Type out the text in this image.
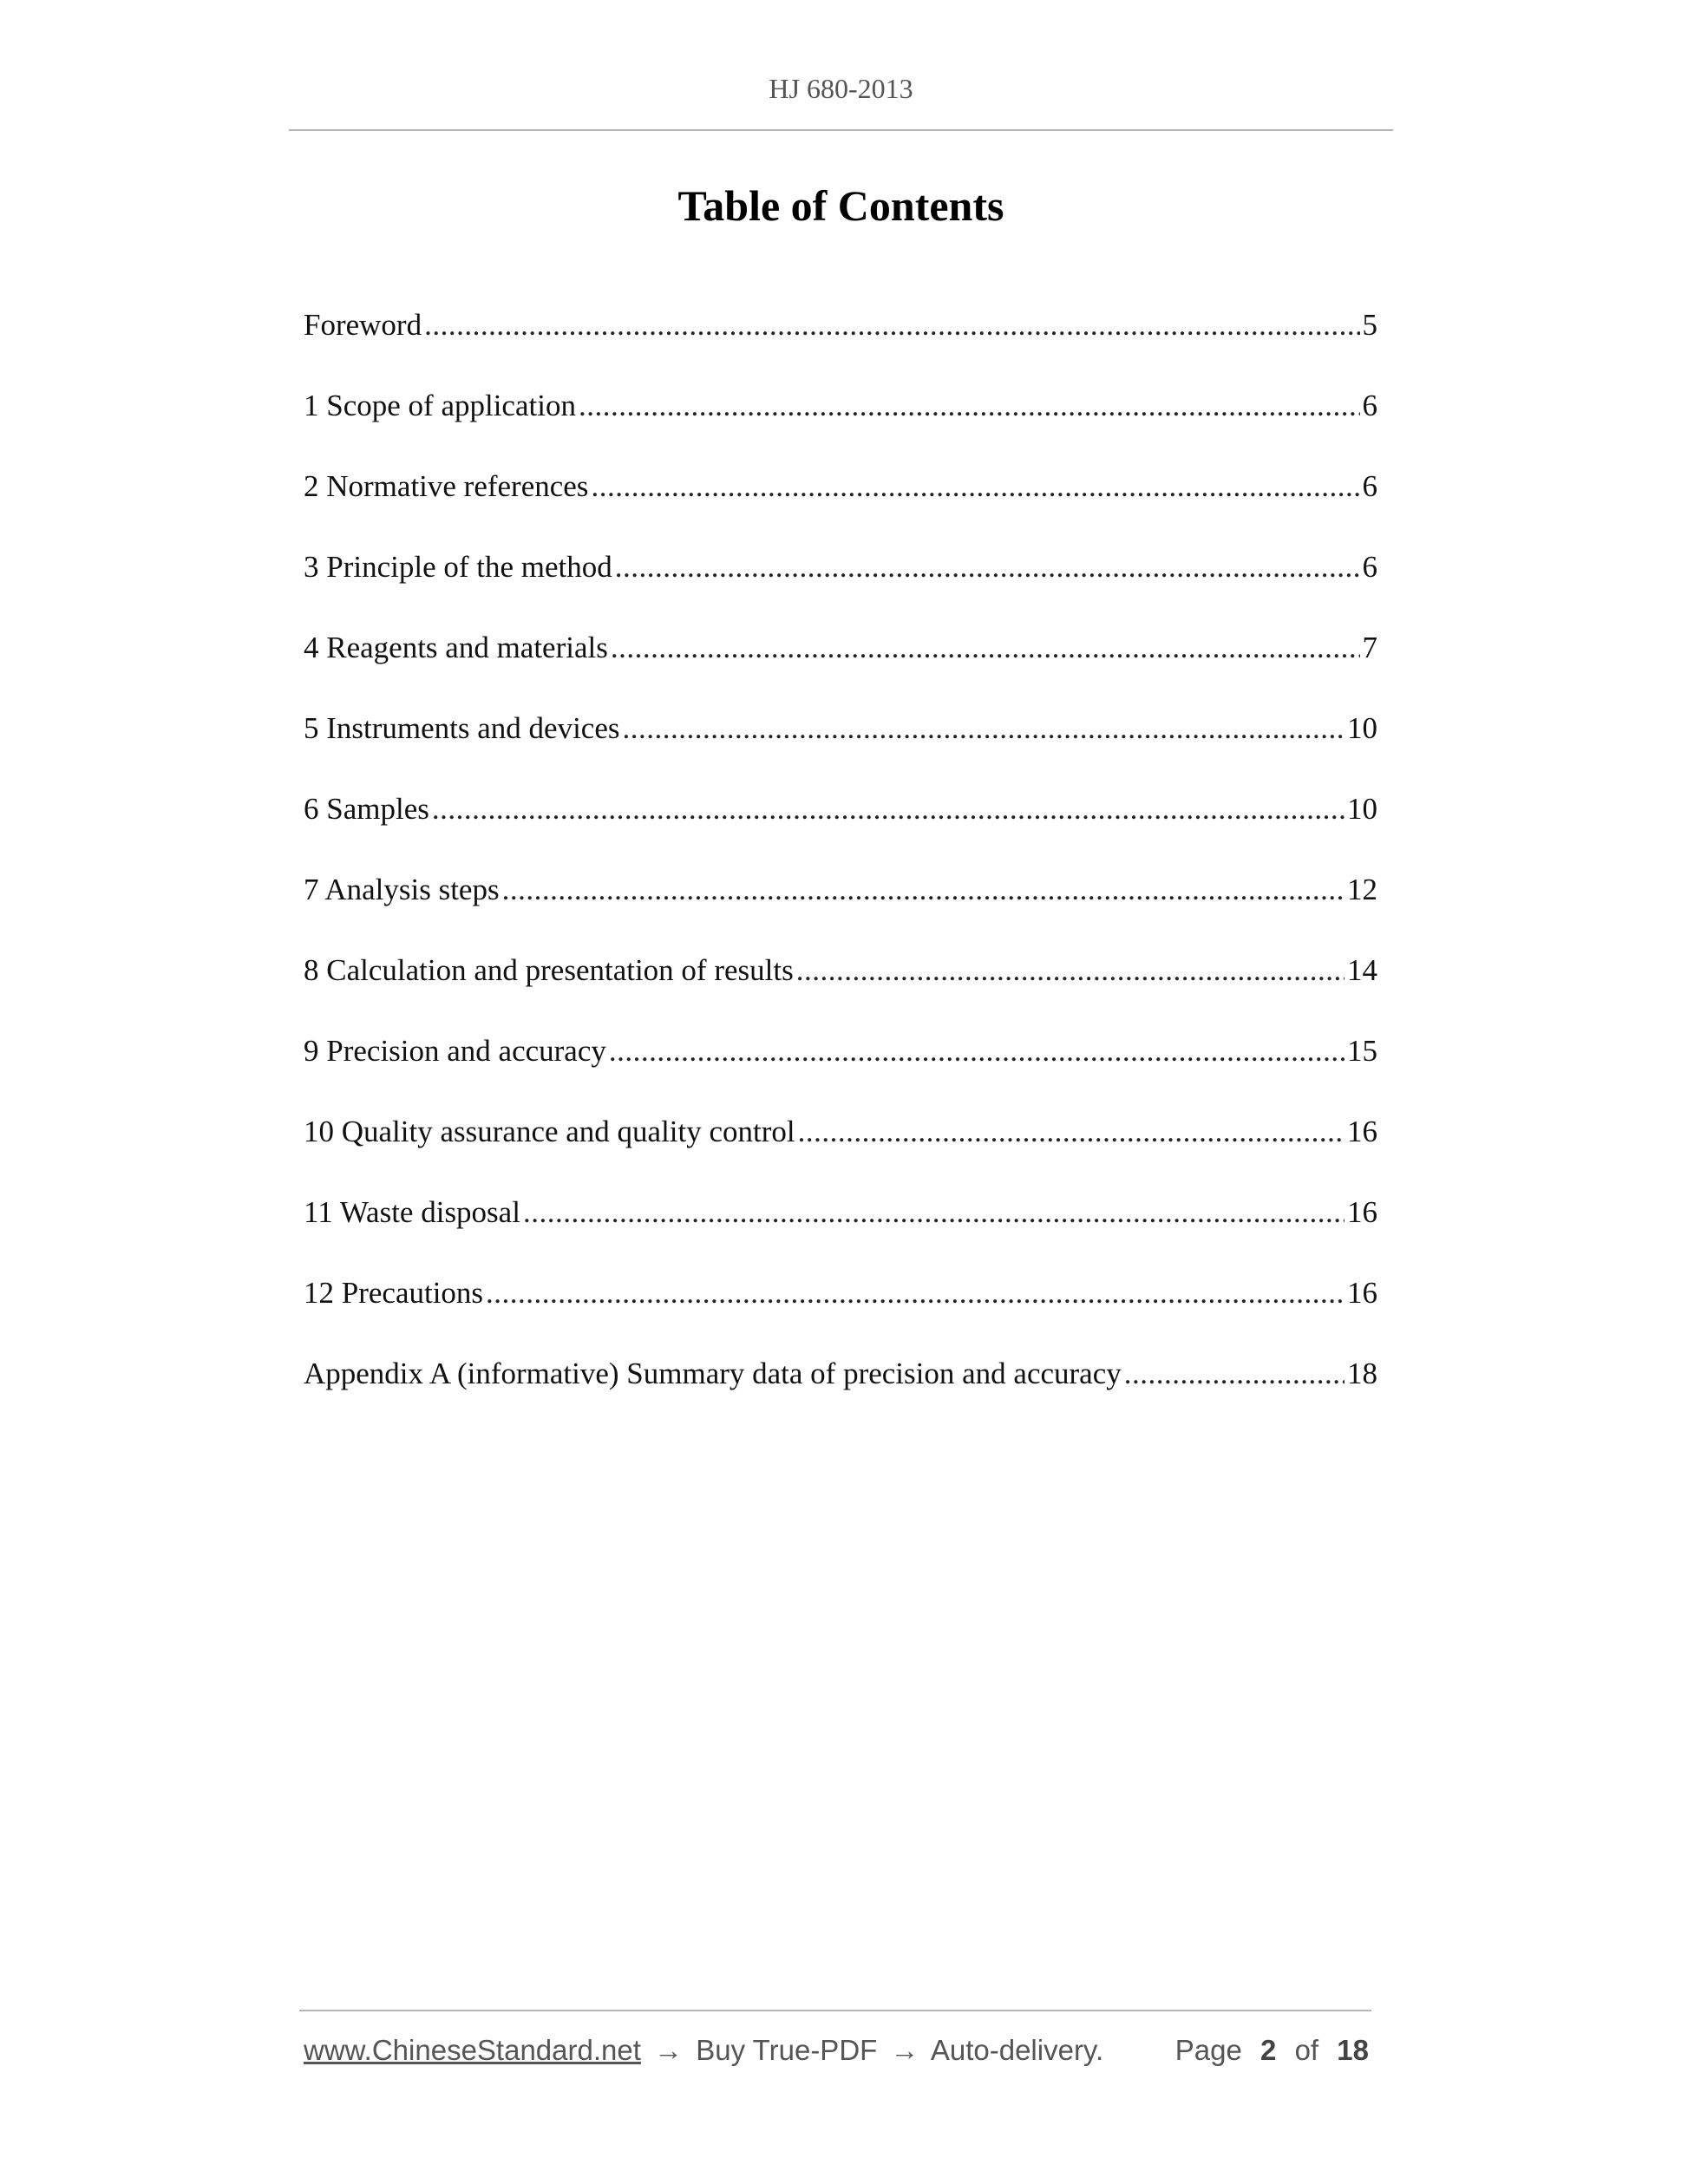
HJ 680-2013
Table of Contents
Foreword .....	5
1 Scope of application .....	6
2 Normative references .....	6
3 Principle of the method .....	6
4 Reagents and materials .....	7
5 Instruments and devices .....	10
6 Samples .....	10
7 Analysis steps .....	12
8 Calculation and presentation of results .....	14
9 Precision and accuracy .....	15
10 Quality assurance and quality control .....	16
11 Waste disposal .....	16
12 Precautions .....	16
Appendix A (informative) Summary data of precision and accuracy .....	18
www.ChineseStandard.net → Buy True-PDF → Auto-delivery.	Page 2 of 18
